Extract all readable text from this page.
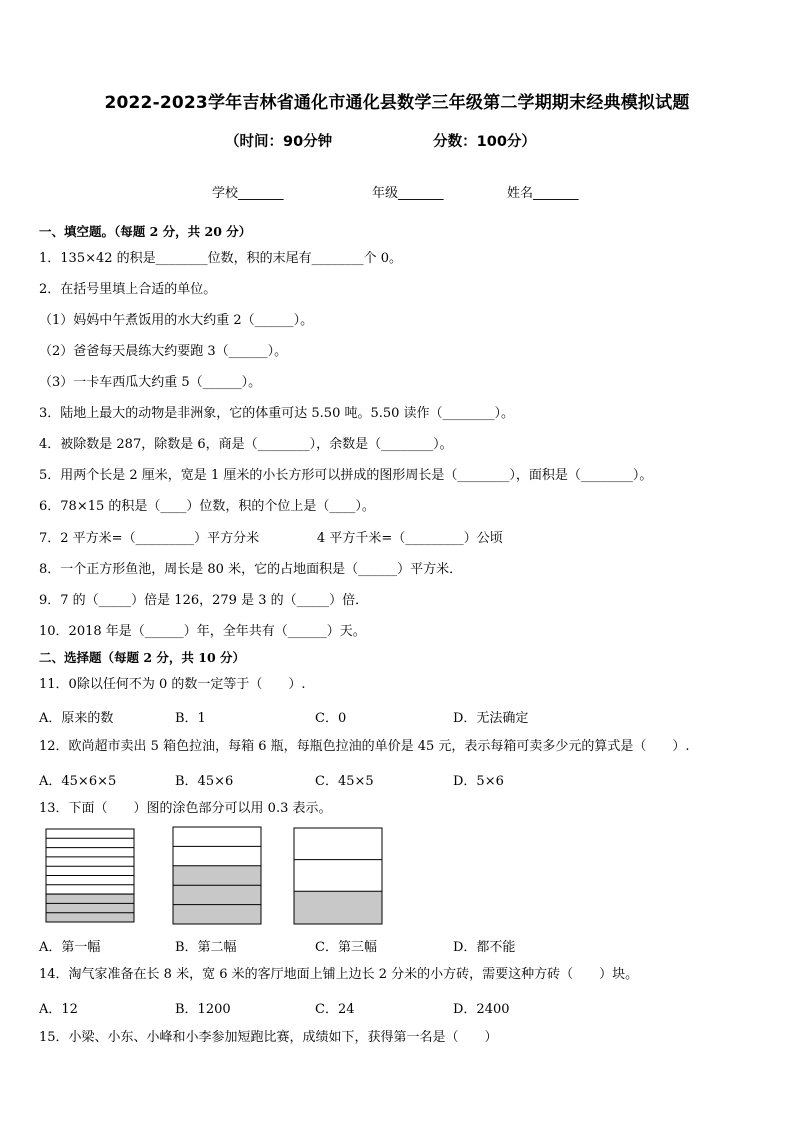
2022-2023学年吉林省通化市通化县数学三年级第二学期期末经典模拟试题
（时间：90分钟                    分数：100分）
学校_______	年级_______	姓名_______
一、填空题。（每题 2 分，共 20 分）
1．135×42 的积是________位数，积的末尾有________个 0。
2．在括号里填上合适的单位。
（1）妈妈中午煮饭用的水大约重 2（______）。
（2）爸爸每天晨练大约要跑 3（______）。
（3）一卡车西瓜大约重 5（______）。
3．陆地上最大的动物是非洲象，它的体重可达 5.50 吨。5.50 读作（________）。
4．被除数是 287，除数是 6，商是（________），余数是（________）。
5．用两个长是 2 厘米，宽是 1 厘米的小长方形可以拼成的图形周长是（________），面积是（________）。
6．78×15 的积是（____）位数，积的个位上是（____）。
7．2 平方米=（_________）平方分米              4 平方千米=（_________）公顷
8．一个正方形鱼池，周长是 80 米，它的占地面积是（______）平方米．
9．7 的（_____）倍是 126，279 是 3 的（_____）倍．
10．2018 年是（______）年，全年共有（______）天。
二、选择题（每题 2 分，共 10 分）
11．0除以任何不为 0 的数一定等于（　　）.
A．原来的数	B．1	C．0	D．无法确定
12．欧尚超市卖出 5 箱色拉油，每箱 6 瓶，每瓶色拉油的单价是 45 元，表示每箱可卖多少元的算式是（　　）.
A．45×6×5	B．45×6	C．45×5	D．5×6
13．下面（　　）图的涂色部分可以用 0.3 表示。
A．第一幅	B．第二幅	C．第三幅	D．都不能
14．淘气家准备在长 8 米，宽 6 米的客厅地面上铺上边长 2 分米的小方砖，需要这种方砖（　　）块。
A．12	B．1200	C．24	D．2400
15．小梁、小东、小峰和小李参加短跑比赛，成绩如下，获得第一名是（　　）
